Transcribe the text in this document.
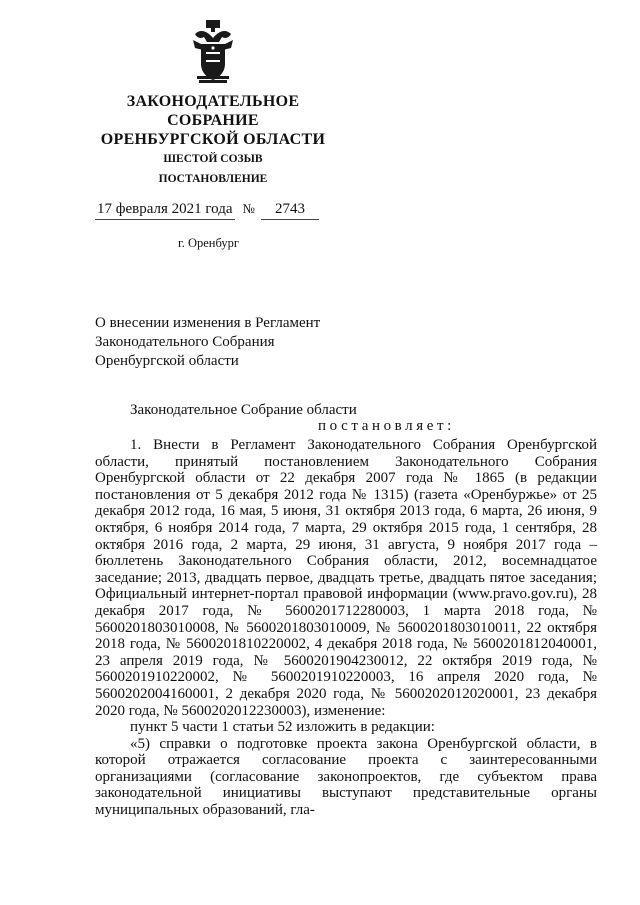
ЗАКОНОДАТЕЛЬНОЕ
СОБРАНИЕ
ОРЕНБУРГСКОЙ ОБЛАСТИ
ШЕСТОЙ СОЗЫВ
ПОСТАНОВЛЕНИЕ
17 февраля 2021 года № 2743
г. Оренбург
О внесении изменения в Регламент Законодательного Собрания Оренбургской области
Законодательное Собрание области
постановляет:

1. Внести в Регламент Законодательного Собрания Оренбургской области, принятый постановлением Законодательного Собрания Оренбургской области от 22 декабря 2007 года № 1865 (в редакции постановления от 5 декабря 2012 года № 1315) (газета «Оренбуржье» от 25 декабря 2012 года, 16 мая, 5 июня, 31 октября 2013 года, 6 марта, 26 июня, 9 октября, 6 ноября 2014 года, 7 марта, 29 октября 2015 года, 1 сентября, 28 октября 2016 года, 2 марта, 29 июня, 31 августа, 9 ноября 2017 года – бюллетень Законодательного Собрания области, 2012, восемнадцатое заседание; 2013, двадцать первое, двадцать третье, двадцать пятое заседания; Официальный интернет-портал правовой информации (www.pravo.gov.ru), 28 декабря 2017 года, № 5600201712280003, 1 марта 2018 года, № 5600201803010008, № 5600201803010009, № 5600201803010011, 22 октября 2018 года, № 5600201810220002, 4 декабря 2018 года, № 5600201812040001, 23 апреля 2019 года, № 5600201904230012, 22 октября 2019 года, № 5600201910220002, № 5600201910220003, 16 апреля 2020 года, № 5600202004160001, 2 декабря 2020 года, № 5600202012020001, 23 декабря 2020 года, № 5600202012230003), изменение:

пункт 5 части 1 статьи 52 изложить в редакции:

«5) справки о подготовке проекта закона Оренбургской области, в которой отражается согласование проекта с заинтересованными организациями (согласование законопроектов, где субъектом права законодательной инициативы выступают представительные органы муниципальных образований, гла-
